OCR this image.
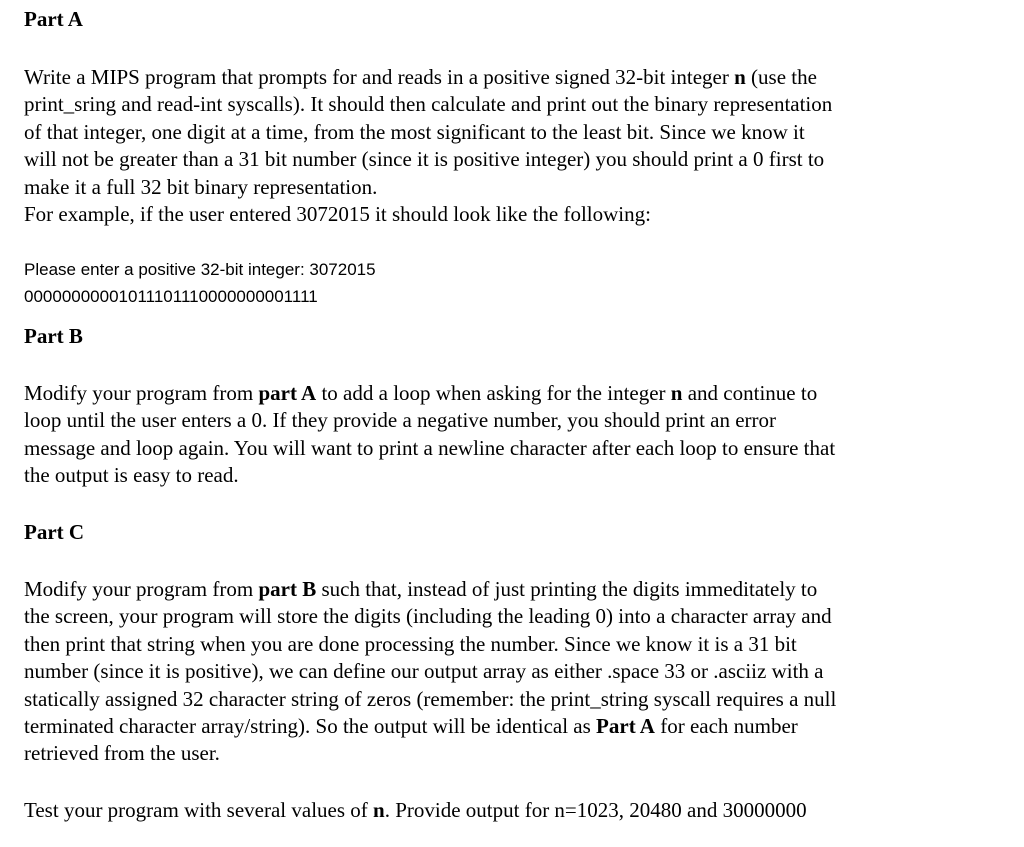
Part A
Write a MIPS program that prompts for and reads in a positive signed 32-bit integer n (use the
print_sring and read-int syscalls). It should then calculate and print out the binary representation
of that integer, one digit at a time, from the most significant to the least bit. Since we know it
will not be greater than a 31 bit number (since it is positive integer) you should print a 0 first to
make it a full 32 bit binary representation.
For example, if the user entered 3072015 it should look like the following:
Please enter a positive 32-bit integer: 3072015
00000000001011101110000000001111
Part B
Modify your program from part A to add a loop when asking for the integer n and continue to
loop until the user enters a 0. If they provide a negative number, you should print an error
message and loop again. You will want to print a newline character after each loop to ensure that
the output is easy to read.
Part C
Modify your program from part B such that, instead of just printing the digits immeditately to
the screen, your program will store the digits (including the leading 0) into a character array and
then print that string when you are done processing the number. Since we know it is a 31 bit
number (since it is positive), we can define our output array as either .space 33 or .asciiz with a
statically assigned 32 character string of zeros (remember: the print_string syscall requires a null
terminated character array/string). So the output will be identical as Part A for each number
retrieved from the user.
Test your program with several values of n. Provide output for n=1023, 20480 and 30000000
